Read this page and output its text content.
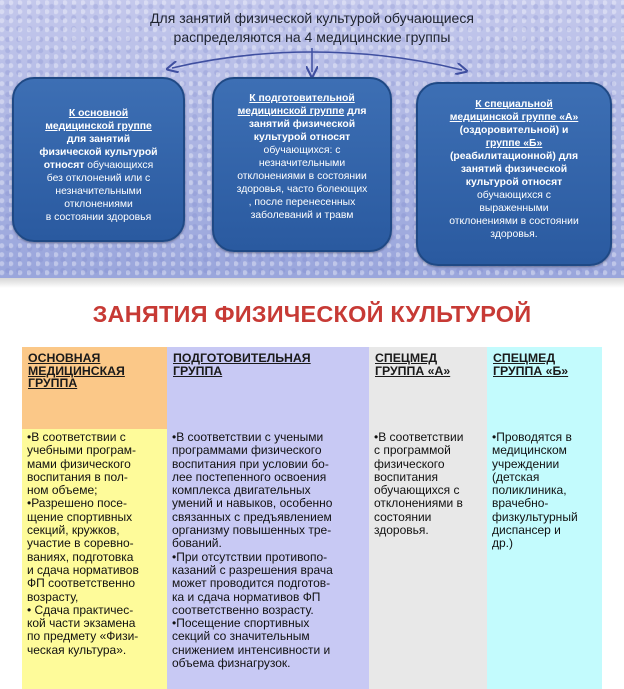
Для занятий физической культурой обучающиеся
распределяются на 4 медицинские группы

К основной

медицинской группе

для занятий

физической культурой

относят обучающихся

без отклонений или с

незначительными

отклонениями

в состоянии здоровья

К подготовительной

медицинской группе для

занятий физической

культурой относят

обучающихся: с

незначительными

отклонениями в состоянии

здоровья, часто болеющих

, после перенесенных

заболеваний и травм

К специальной

медицинской группе «А»

(оздоровительной) и

группе «Б»

(реабилитационной) для

занятий физической

культурой относят

обучающихся с

выраженными

отклонениями в состоянии

здоровья.

ЗАНЯТИЯ ФИЗИЧЕСКОЙ КУЛЬТУРОЙ
ОСНОВНАЯ
МЕДИЦИНСКАЯ
ГРУППА

•В соответствии с

учебными програм-

мами физического

воспитания в пол-

ном объеме;

•Разрешено посе-

щение спортивных

секций, кружков,

участие в соревно-

ваниях, подготовка

и сдача нормативов

ФП соответственно

возрасту,

• Сдача практичес-

кой части экзамена

по предмету «Физи-

ческая культура».

ПОДГОТОВИТЕЛЬНАЯ
ГРУППА

•В соответствии с учеными

программами физического

воспитания при условии бо-

лее постепенного освоения

комплекса двигательных

умений и навыков, особенно

связанных с предъявлением

организму повышенных тре-

бований.

•При отсутствии противопо-

казаний с разрешения врача

может проводится подготов-

ка и сдача нормативов ФП

соответственно возрасту.

•Посещение спортивных

секций со значительным

снижением интенсивности и

объема физнагрузок.

СПЕЦМЕД
ГРУППА «А»

•В соответствии

с программой

физического

воспитания

обучающихся с

отклонениями в

состоянии

здоровья.

СПЕЦМЕД
ГРУППА «Б»

•Проводятся в

медицинском

учреждении

(детская

поликлиника,

врачебно-

физкультурный

диспансер и

др.)
